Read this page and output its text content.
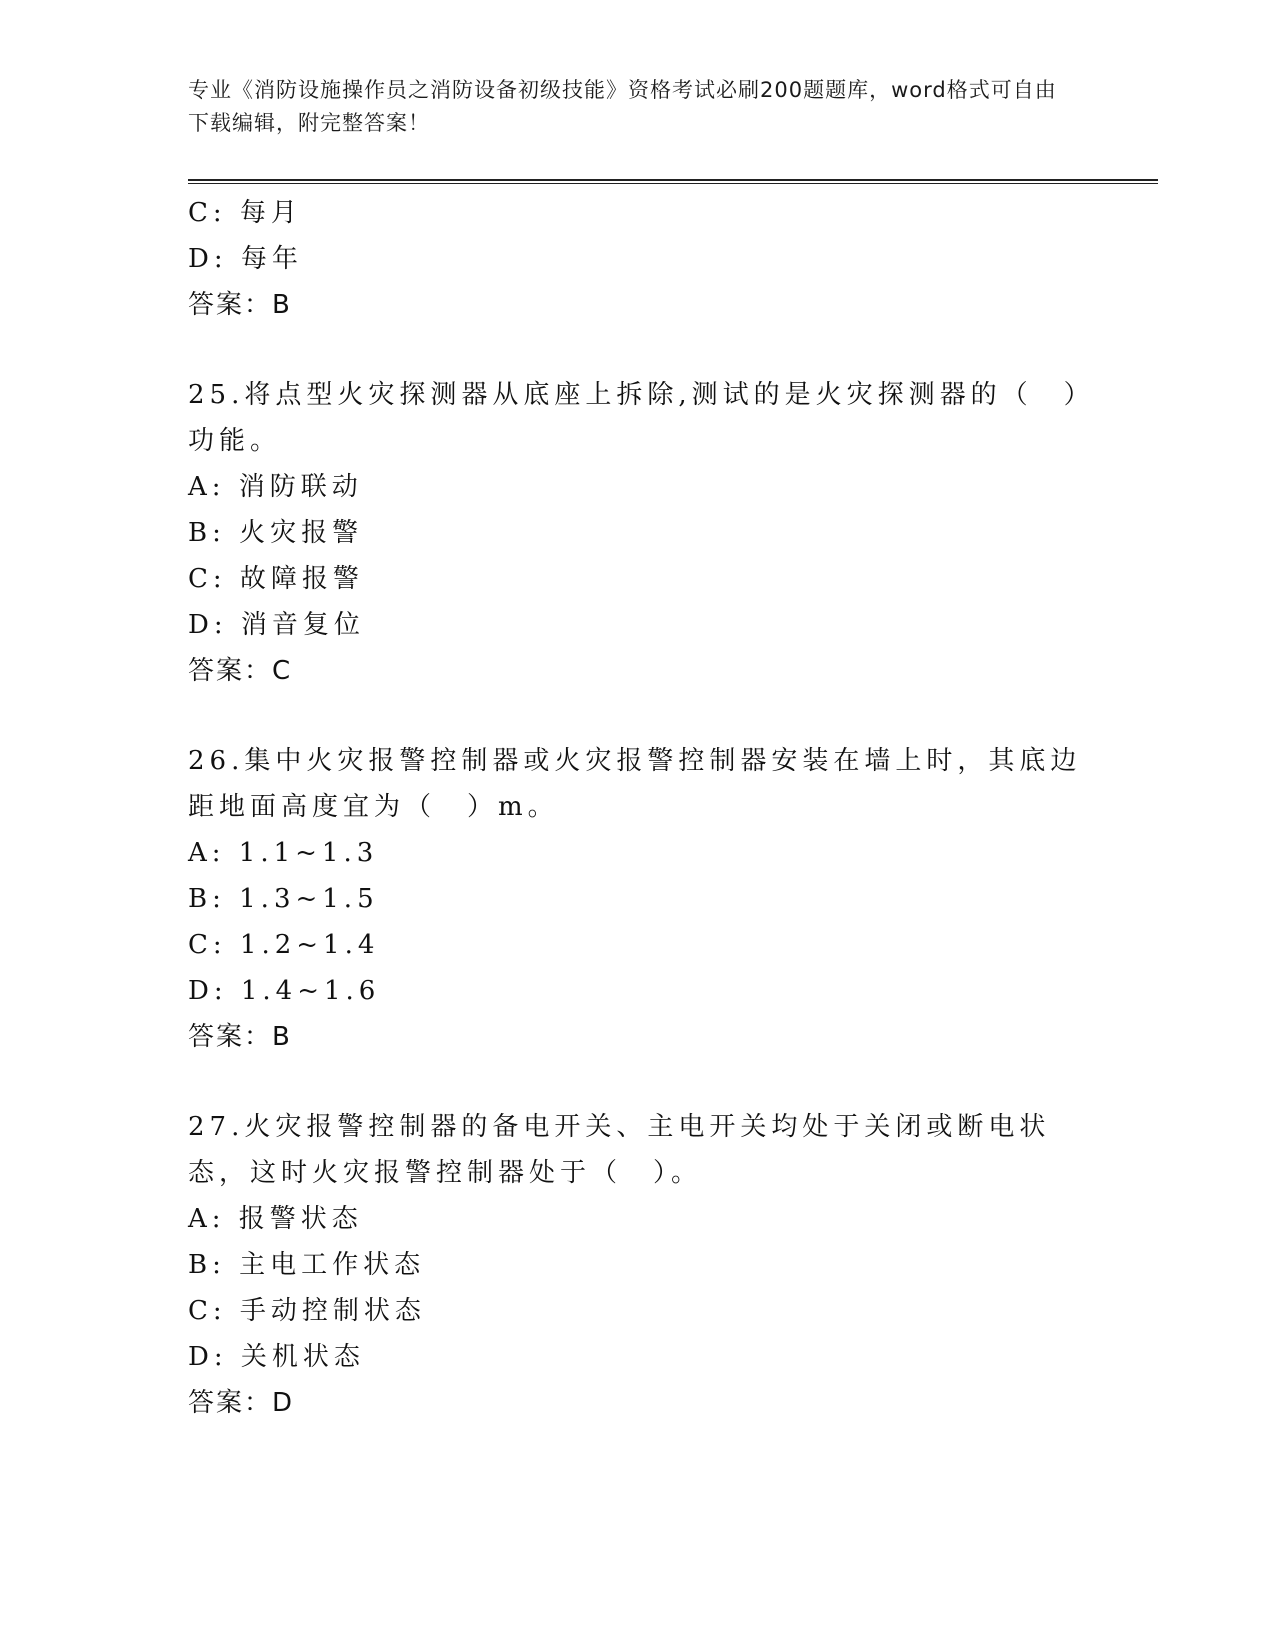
专业《消防设施操作员之消防设备初级技能》资格考试必刷200题题库，word格式可自由下载编辑，附完整答案！
C: 每月
D: 每年
答案：B
25.将点型火灾探测器从底座上拆除,测试的是火灾探测器的（　）功能。
A: 消防联动
B: 火灾报警
C: 故障报警
D: 消音复位
答案：C
26.集中火灾报警控制器或火灾报警控制器安装在墙上时，其底边距地面高度宜为（　）m。
A: 1.1~1.3
B: 1.3~1.5
C: 1.2~1.4
D: 1.4~1.6
答案：B
27.火灾报警控制器的备电开关、主电开关均处于关闭或断电状态，这时火灾报警控制器处于（　）。
A: 报警状态
B: 主电工作状态
C: 手动控制状态
D: 关机状态
答案：D
